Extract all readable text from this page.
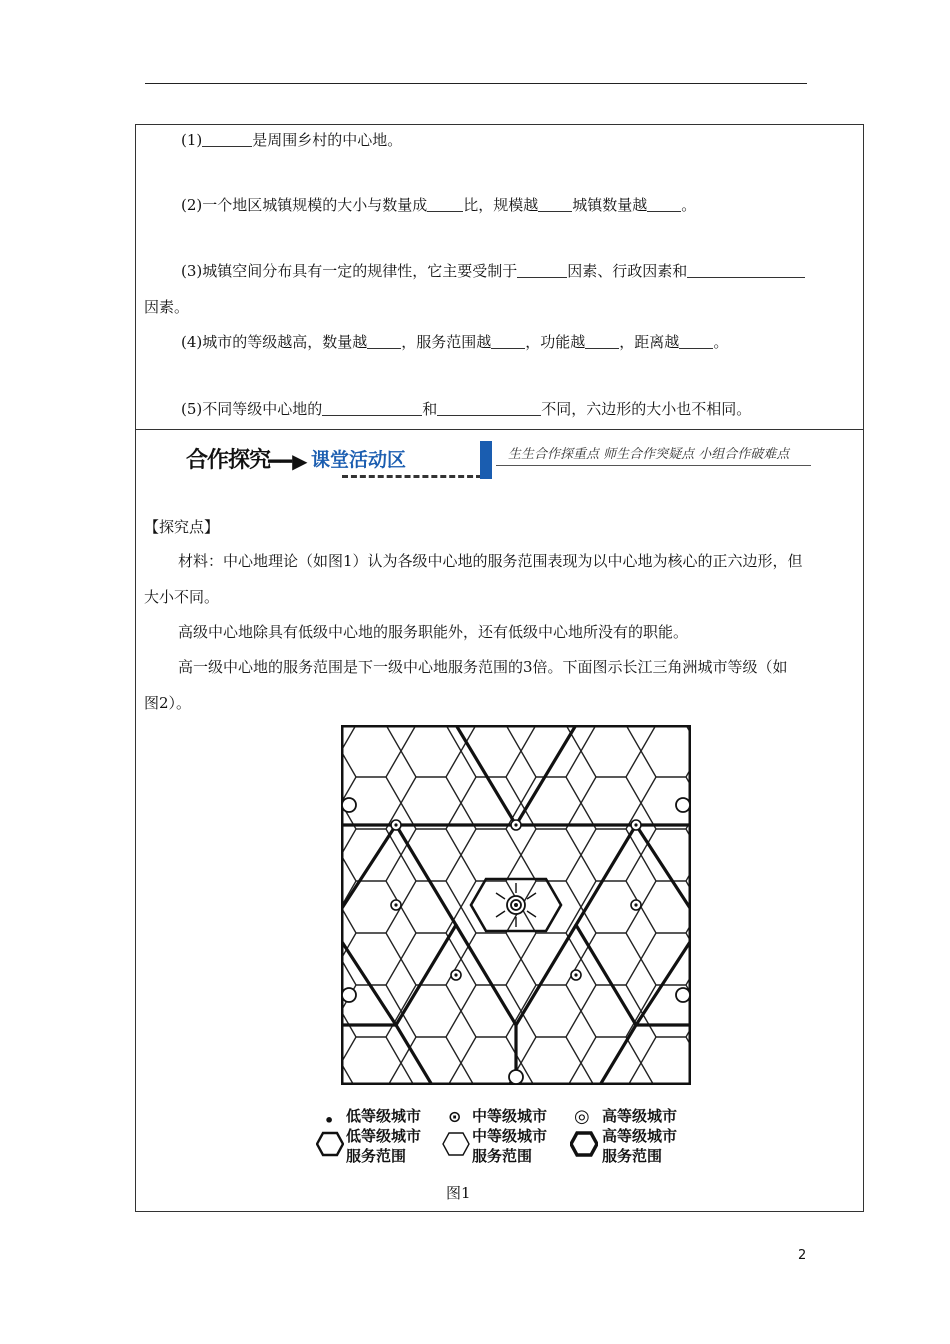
(1)	是周围乡村的中心地。
(2)一个地区城镇规模的大小与数量成 比，规模越 城镇数量越 。
(3)城镇空间分布具有一定的规律性，它主要受制于	因素、行政因素和
因素。
(4)城市的等级越高，数量越 ，服务范围越 ，功能越 ，距离越 。
(5)不同等级中心地的	和	不同，六边形的大小也不相同。
合作探究
━━▶ 课堂活动区	生生合作探重点 师生合作突疑点 小组合作破难点
【探究点】
材料：中心地理论（如图1）认为各级中心地的服务范围表现为以中心地为核心的正六边形，但
大小不同。
高级中心地除具有低级中心地的服务职能外，还有低级中心地所没有的职能。
高一级中心地的服务范围是下一级中心地服务范围的3倍。下面图示长江三角洲城市等级（如
图2）。
• 低等级城市 ⊙ 中等级城市 ◎ 高等级城市
低等级城市
服务范围
中等级城市
服务范围
高等级城市
服务范围
图1
2
